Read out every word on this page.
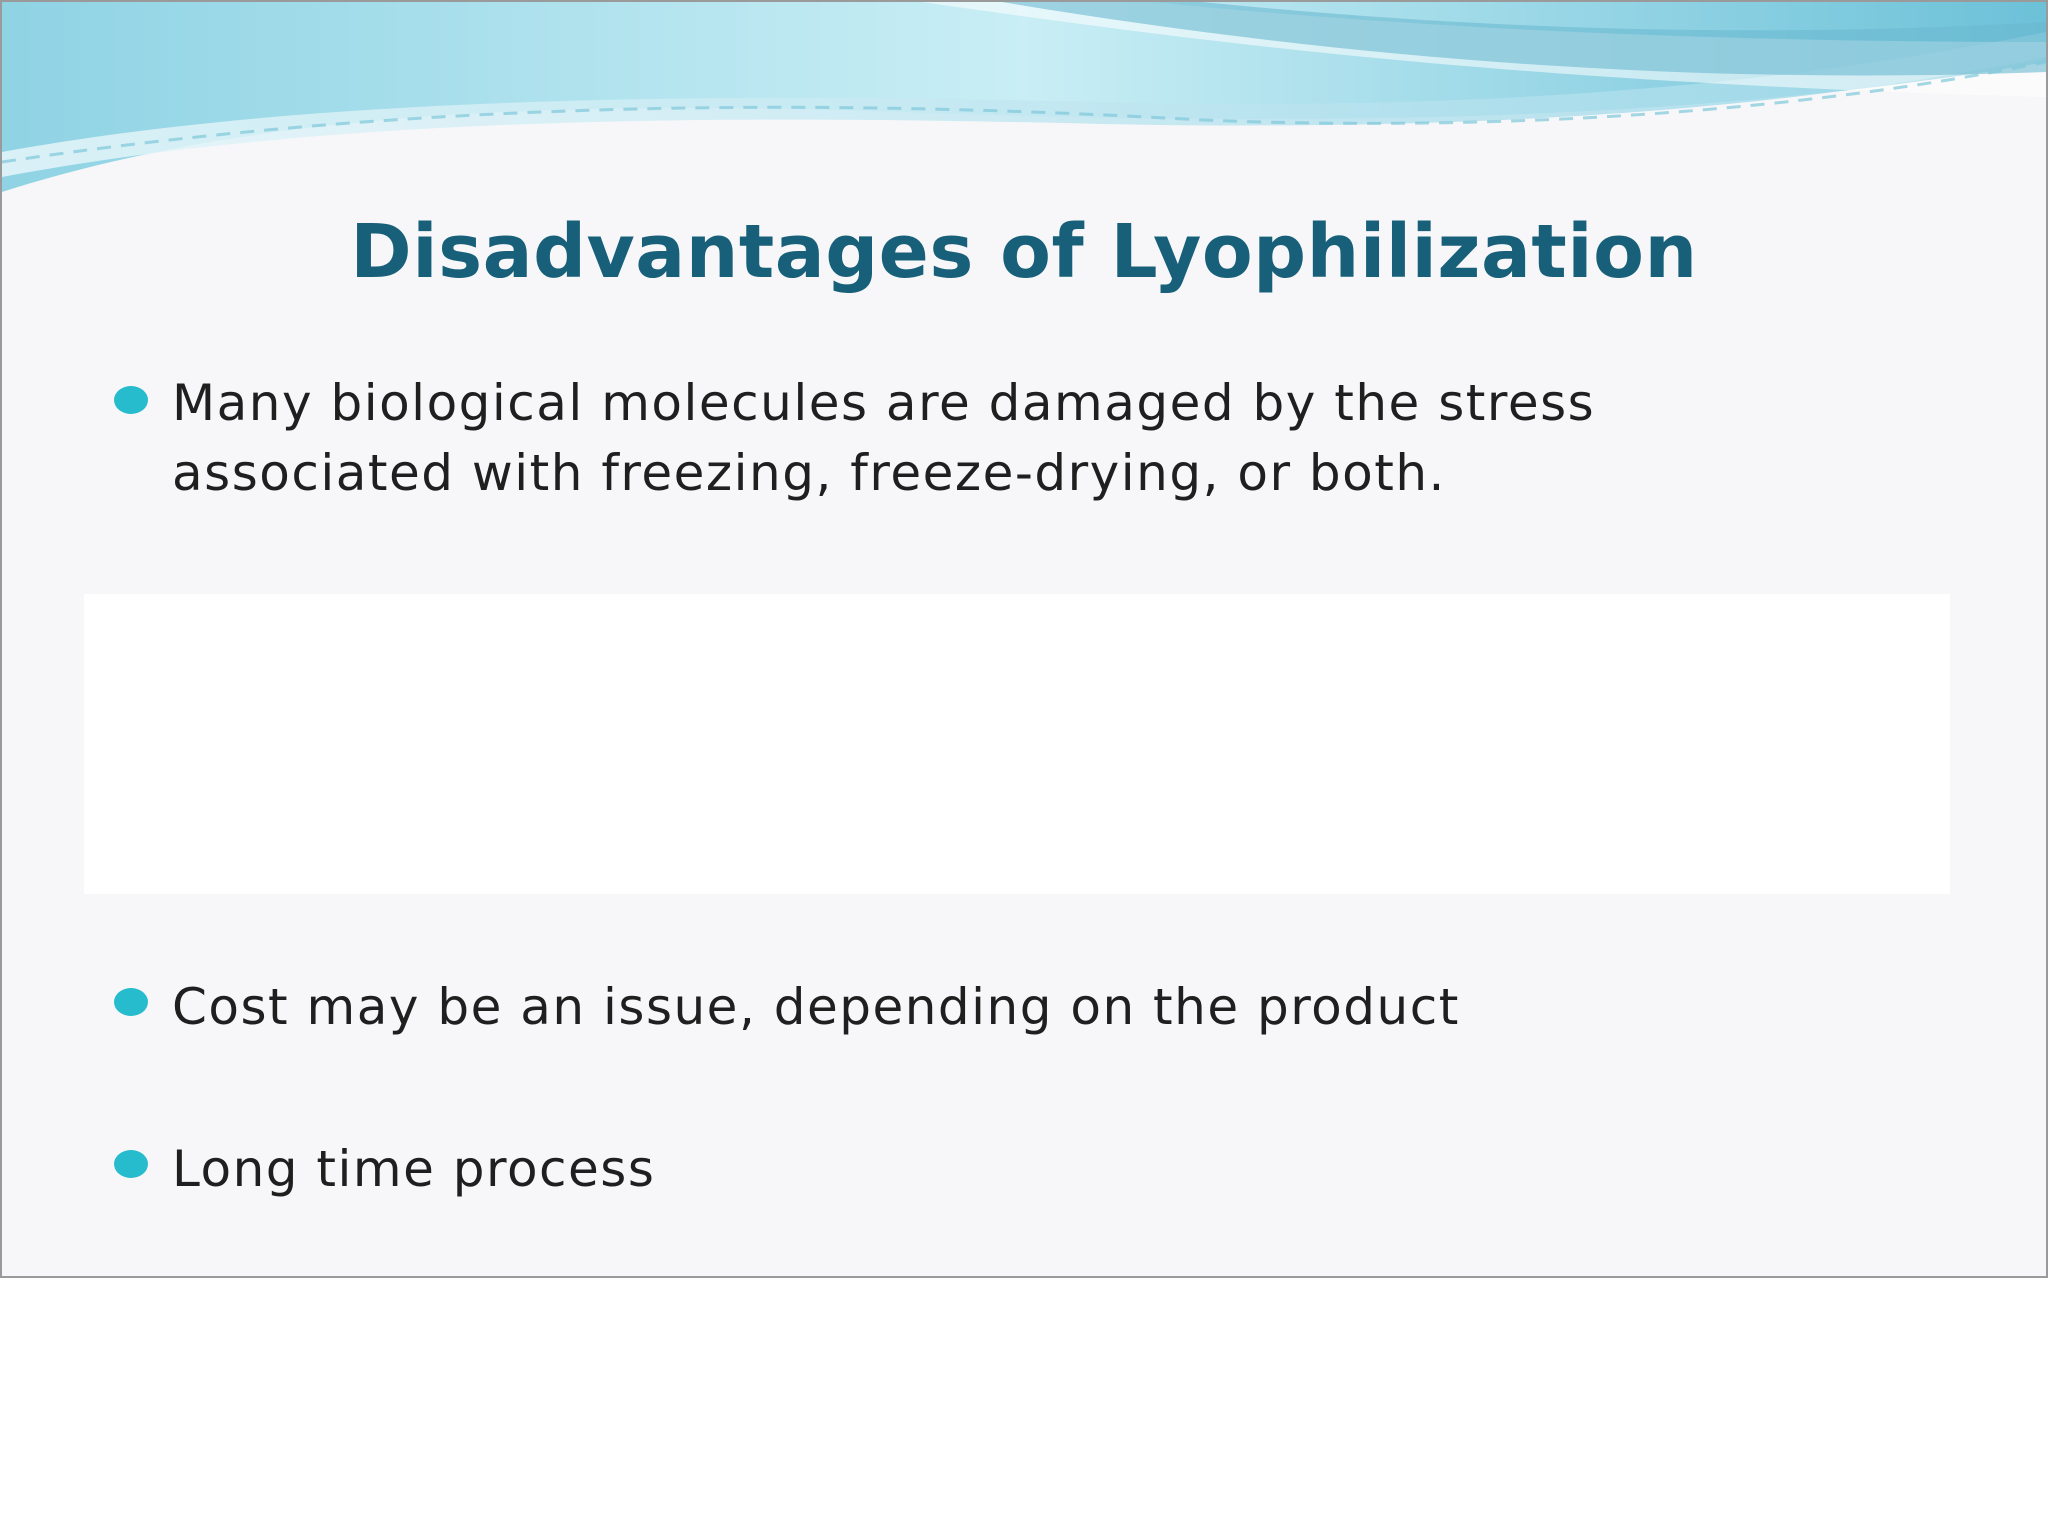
Disadvantages of Lyophilization
Many biological molecules are damaged by the stress associated with freezing, freeze-drying, or both.
Cost may be an issue, depending on the product
Long time process
